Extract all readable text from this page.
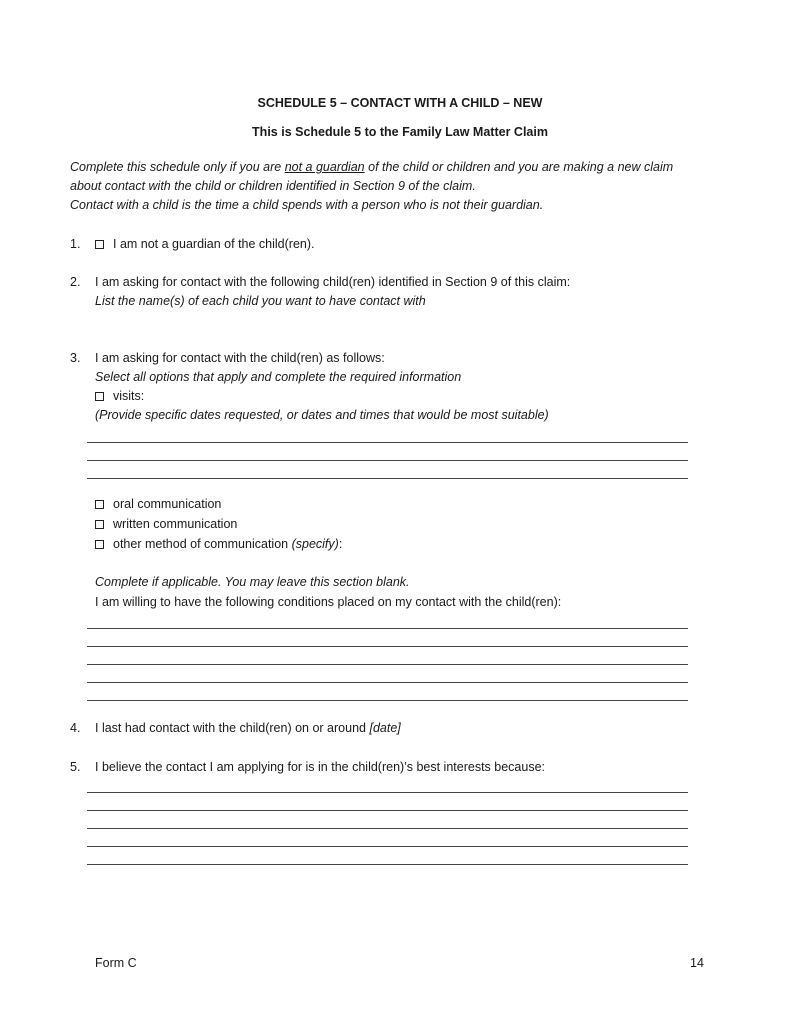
SCHEDULE 5 – CONTACT WITH A CHILD – NEW
This is Schedule 5 to the Family Law Matter Claim
Complete this schedule only if you are not a guardian of the child or children and you are making a new claim
about contact with the child or children identified in Section 9 of the claim.
Contact with a child is the time a child spends with a person who is not their guardian.
1.	I am not a guardian of the child(ren).
2. I am asking for contact with the following child(ren) identified in Section 9 of this claim:
List the name(s) of each child you want to have contact with
3. I am asking for contact with the child(ren) as follows:
Select all options that apply and complete the required information
visits:
(Provide specific dates requested, or dates and times that would be most suitable)
oral communication
written communication
other method of communication (specify):
Complete if applicable. You may leave this section blank.
I am willing to have the following conditions placed on my contact with the child(ren):
4. I last had contact with the child(ren) on or around [date]
5. I believe the contact I am applying for is in the child(ren)’s best interests because:
Form C	14
